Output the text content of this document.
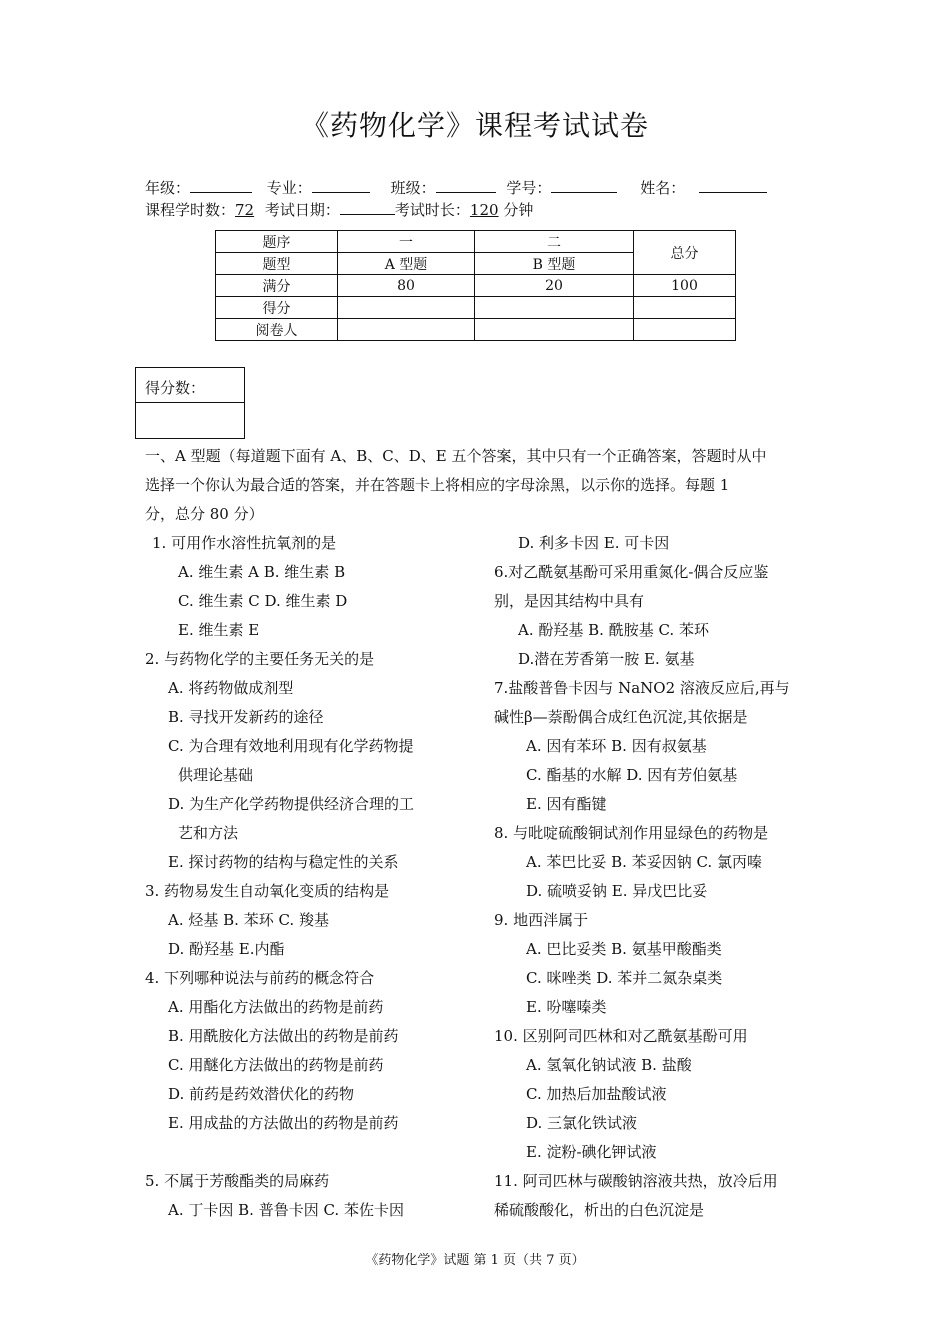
《药物化学》课程考试试卷
年级：	专业：	班级：	学号：	姓名：
课程学时数：72 考试日期：	考试时长：120 分钟
题序	一	二	总分
题型	A 型题	B 型题	
满分	80	20	100
得分			
阅卷人			
得分数：
一、A 型题（每道题下面有 A、B、C、D、E 五个答案，其中只有一个正确答案，答题时从中
选择一个你认为最合适的答案，并在答题卡上将相应的字母涂黑，以示你的选择。每题 1
分，总分 80 分）
1. 可用作水溶性抗氧剂的是
A. 维生素 A B. 维生素 B
C. 维生素 C D. 维生素 D
E. 维生素 E
2. 与药物化学的主要任务无关的是
A. 将药物做成剂型
B. 寻找开发新药的途径
C. 为合理有效地利用现有化学药物提
供理论基础
D. 为生产化学药物提供经济合理的工
艺和方法
E. 探讨药物的结构与稳定性的关系
3. 药物易发生自动氧化变质的结构是
A. 烃基 B. 苯环 C. 羧基
D. 酚羟基 E.内酯
4. 下列哪种说法与前药的概念符合
A. 用酯化方法做出的药物是前药
B. 用酰胺化方法做出的药物是前药
C. 用醚化方法做出的药物是前药
D. 前药是药效潜伏化的药物
E. 用成盐的方法做出的药物是前药
5. 不属于芳酸酯类的局麻药
A. 丁卡因 B. 普鲁卡因 C. 苯佐卡因
D. 利多卡因 E. 可卡因
6.对乙酰氨基酚可采用重氮化-偶合反应鉴
别，是因其结构中具有
A. 酚羟基 B. 酰胺基 C. 苯环
D.潜在芳香第一胺 E. 氨基
7.盐酸普鲁卡因与 NaNO2 溶液反应后,再与
碱性β—萘酚偶合成红色沉淀,其依据是
A. 因有苯环 B. 因有叔氨基
C. 酯基的水解 D. 因有芳伯氨基
E. 因有酯键
8. 与吡啶硫酸铜试剂作用显绿色的药物是
A. 苯巴比妥 B. 苯妥因钠 C. 氯丙嗪
D. 硫喷妥钠 E. 异戊巴比妥
9. 地西泮属于
A. 巴比妥类 B. 氨基甲酸酯类
C. 咪唑类 D. 苯并二氮杂桌类
E. 吩噻嗪类
10. 区别阿司匹林和对乙酰氨基酚可用
A. 氢氧化钠试液 B. 盐酸
C. 加热后加盐酸试液
D. 三氯化铁试液
E. 淀粉-碘化钾试液
11. 阿司匹林与碳酸钠溶液共热，放冷后用
稀硫酸酸化，析出的白色沉淀是
《药物化学》试题 第 1 页（共 7 页）
